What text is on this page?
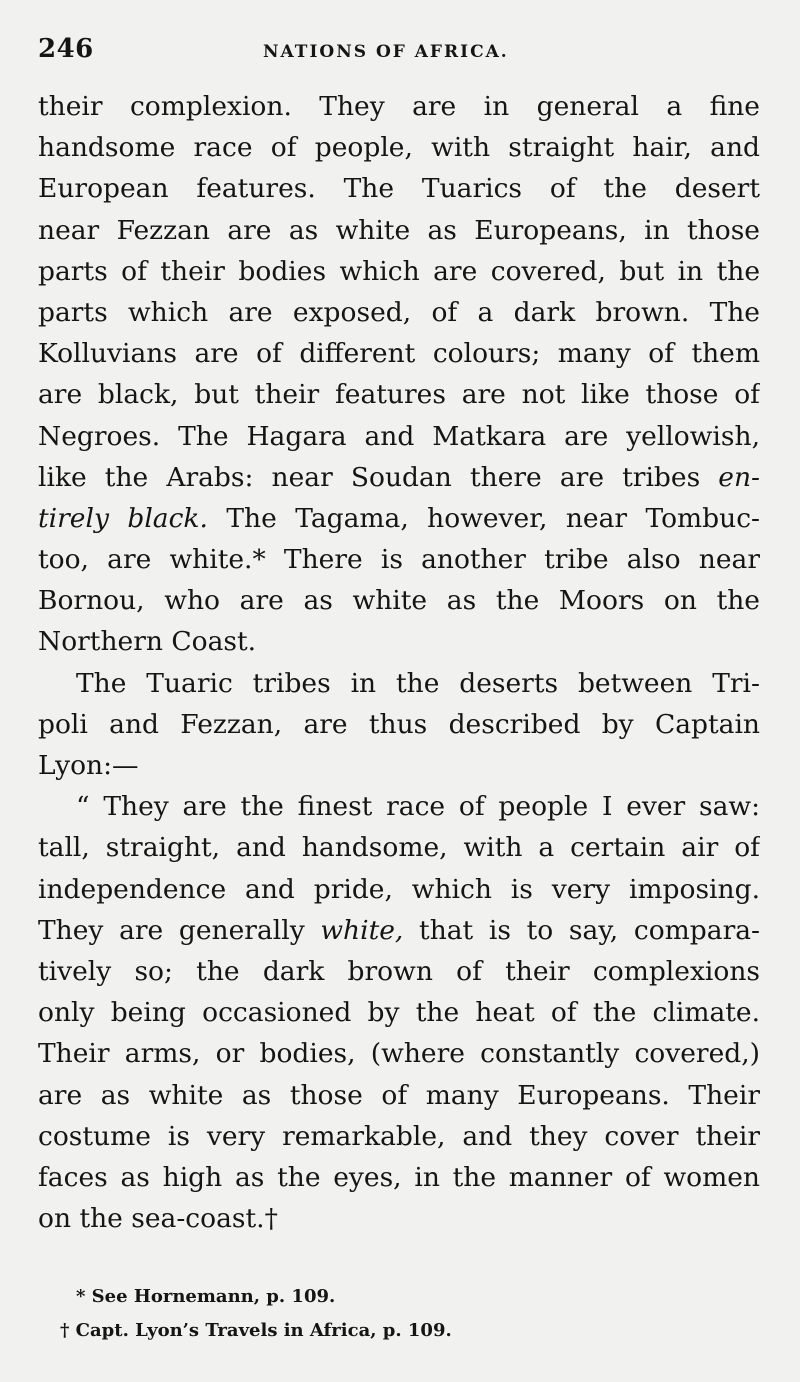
246	NATIONS OF AFRICA.
their complexion. They are in general a fine
handsome race of people, with straight hair, and
European features. The Tuarics of the desert
near Fezzan are as white as Europeans, in those
parts of their bodies which are covered, but in the
parts which are exposed, of a dark brown. The
Kolluvians are of different colours; many of them
are black, but their features are not like those of
Negroes. The Hagara and Matkara are yellowish,
like the Arabs: near Soudan there are tribes en-
tirely black. The Tagama, however, near Tombuc-
too, are white.* There is another tribe also near
Bornou, who are as white as the Moors on the
Northern Coast.
The Tuaric tribes in the deserts between Tri-
poli and Fezzan, are thus described by Captain
Lyon:—
“ They are the finest race of people I ever saw:
tall, straight, and handsome, with a certain air of
independence and pride, which is very imposing.
They are generally white, that is to say, compara-
tively so; the dark brown of their complexions
only being occasioned by the heat of the climate.
Their arms, or bodies, (where constantly covered,)
are as white as those of many Europeans. Their
costume is very remarkable, and they cover their
faces as high as the eyes, in the manner of women
on the sea-coast.†
* See Hornemann, p. 109.
† Capt. Lyon’s Travels in Africa, p. 109.
